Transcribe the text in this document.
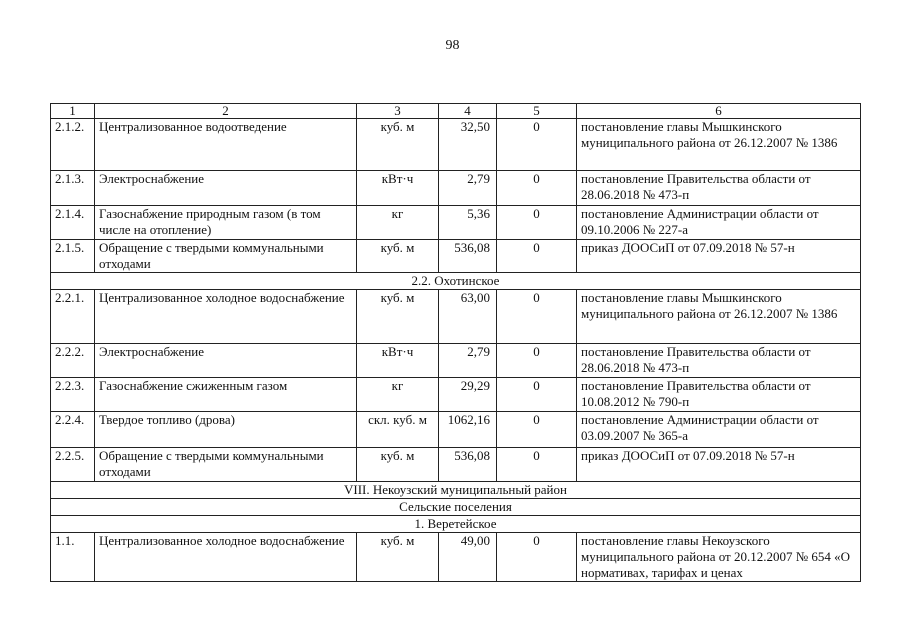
98
1	2	3	4	5	6
2.1.2.	Централизованное водоотведение	куб. м	32,50	0	постановление главы Мышкинского муниципального района от 26.12.2007 № 1386
2.1.3.	Электроснабжение	кВт·ч	2,79	0	постановление Правительства области от 28.06.2018 № 473-п
2.1.4.	Газоснабжение природным газом (в том числе на отопление)	кг	5,36	0	постановление Администрации области от 09.10.2006 № 227-а
2.1.5.	Обращение с твердыми коммунальными отходами	куб. м	536,08	0	приказ ДООСиП от 07.09.2018 № 57-н
2.2. Охотинское					
2.2.1.	Централизованное холодное водоснабжение	куб. м	63,00	0	постановление главы Мышкинского муниципального района от 26.12.2007 № 1386
2.2.2.	Электроснабжение	кВт·ч	2,79	0	постановление Правительства области от 28.06.2018 № 473-п
2.2.3.	Газоснабжение сжиженным газом	кг	29,29	0	постановление Правительства области от 10.08.2012 № 790-п
2.2.4.	Твердое топливо (дрова)	скл. куб. м	1062,16	0	постановление Администрации области от 03.09.2007 № 365-а
2.2.5.	Обращение с твердыми коммунальными отходами	куб. м	536,08	0	приказ ДООСиП от 07.09.2018 № 57-н
VIII. Некоузский муниципальный район					
Сельские поселения					
1. Веретейское					
1.1.	Централизованное холодное водоснабжение	куб. м	49,00	0	постановление главы Некоузского муниципального района от 20.12.2007 № 654 «О нормативах, тарифах и ценах
